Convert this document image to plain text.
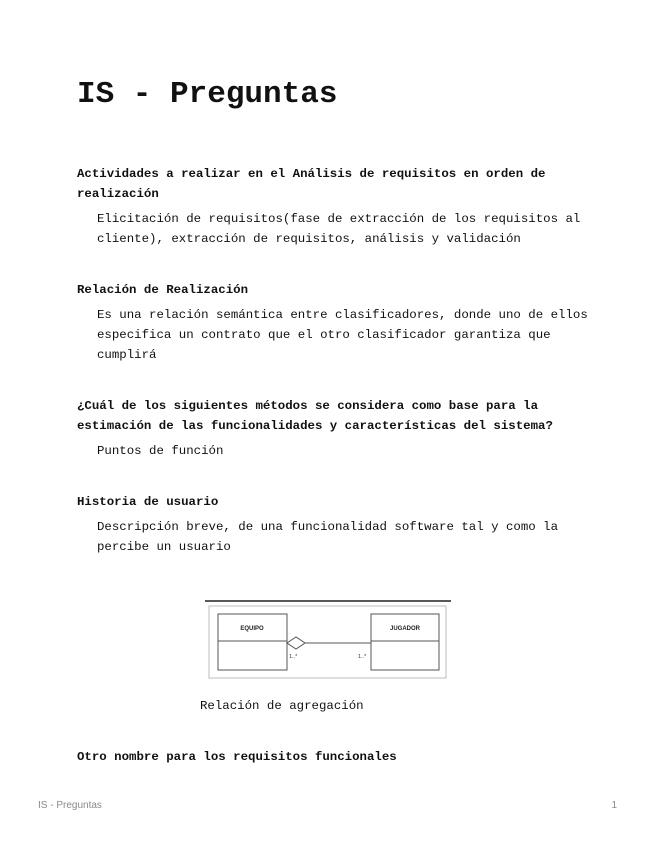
IS - Preguntas

Actividades a realizar en el Análisis de requisitos en orden de realización

Elicitación de requisitos(fase de extracción de los requisitos al cliente), extracción de requisitos, análisis y validación

Relación de Realización

Es una relación semántica entre clasificadores, donde uno de ellos especifica un contrato que el otro clasificador garantiza que cumplirá

¿Cuál de los siguientes métodos se considera como base para la estimación de las funcionalidades y características del sistema?

Puntos de función

Historia de usuario

Descripción breve, de una funcionalidad software tal y como la percibe un usuario

EQUIPO	JUGADOR
1..*	1..*
Relación de agregación

Otro nombre para los requisitos funcionales

IS - Preguntas	1
